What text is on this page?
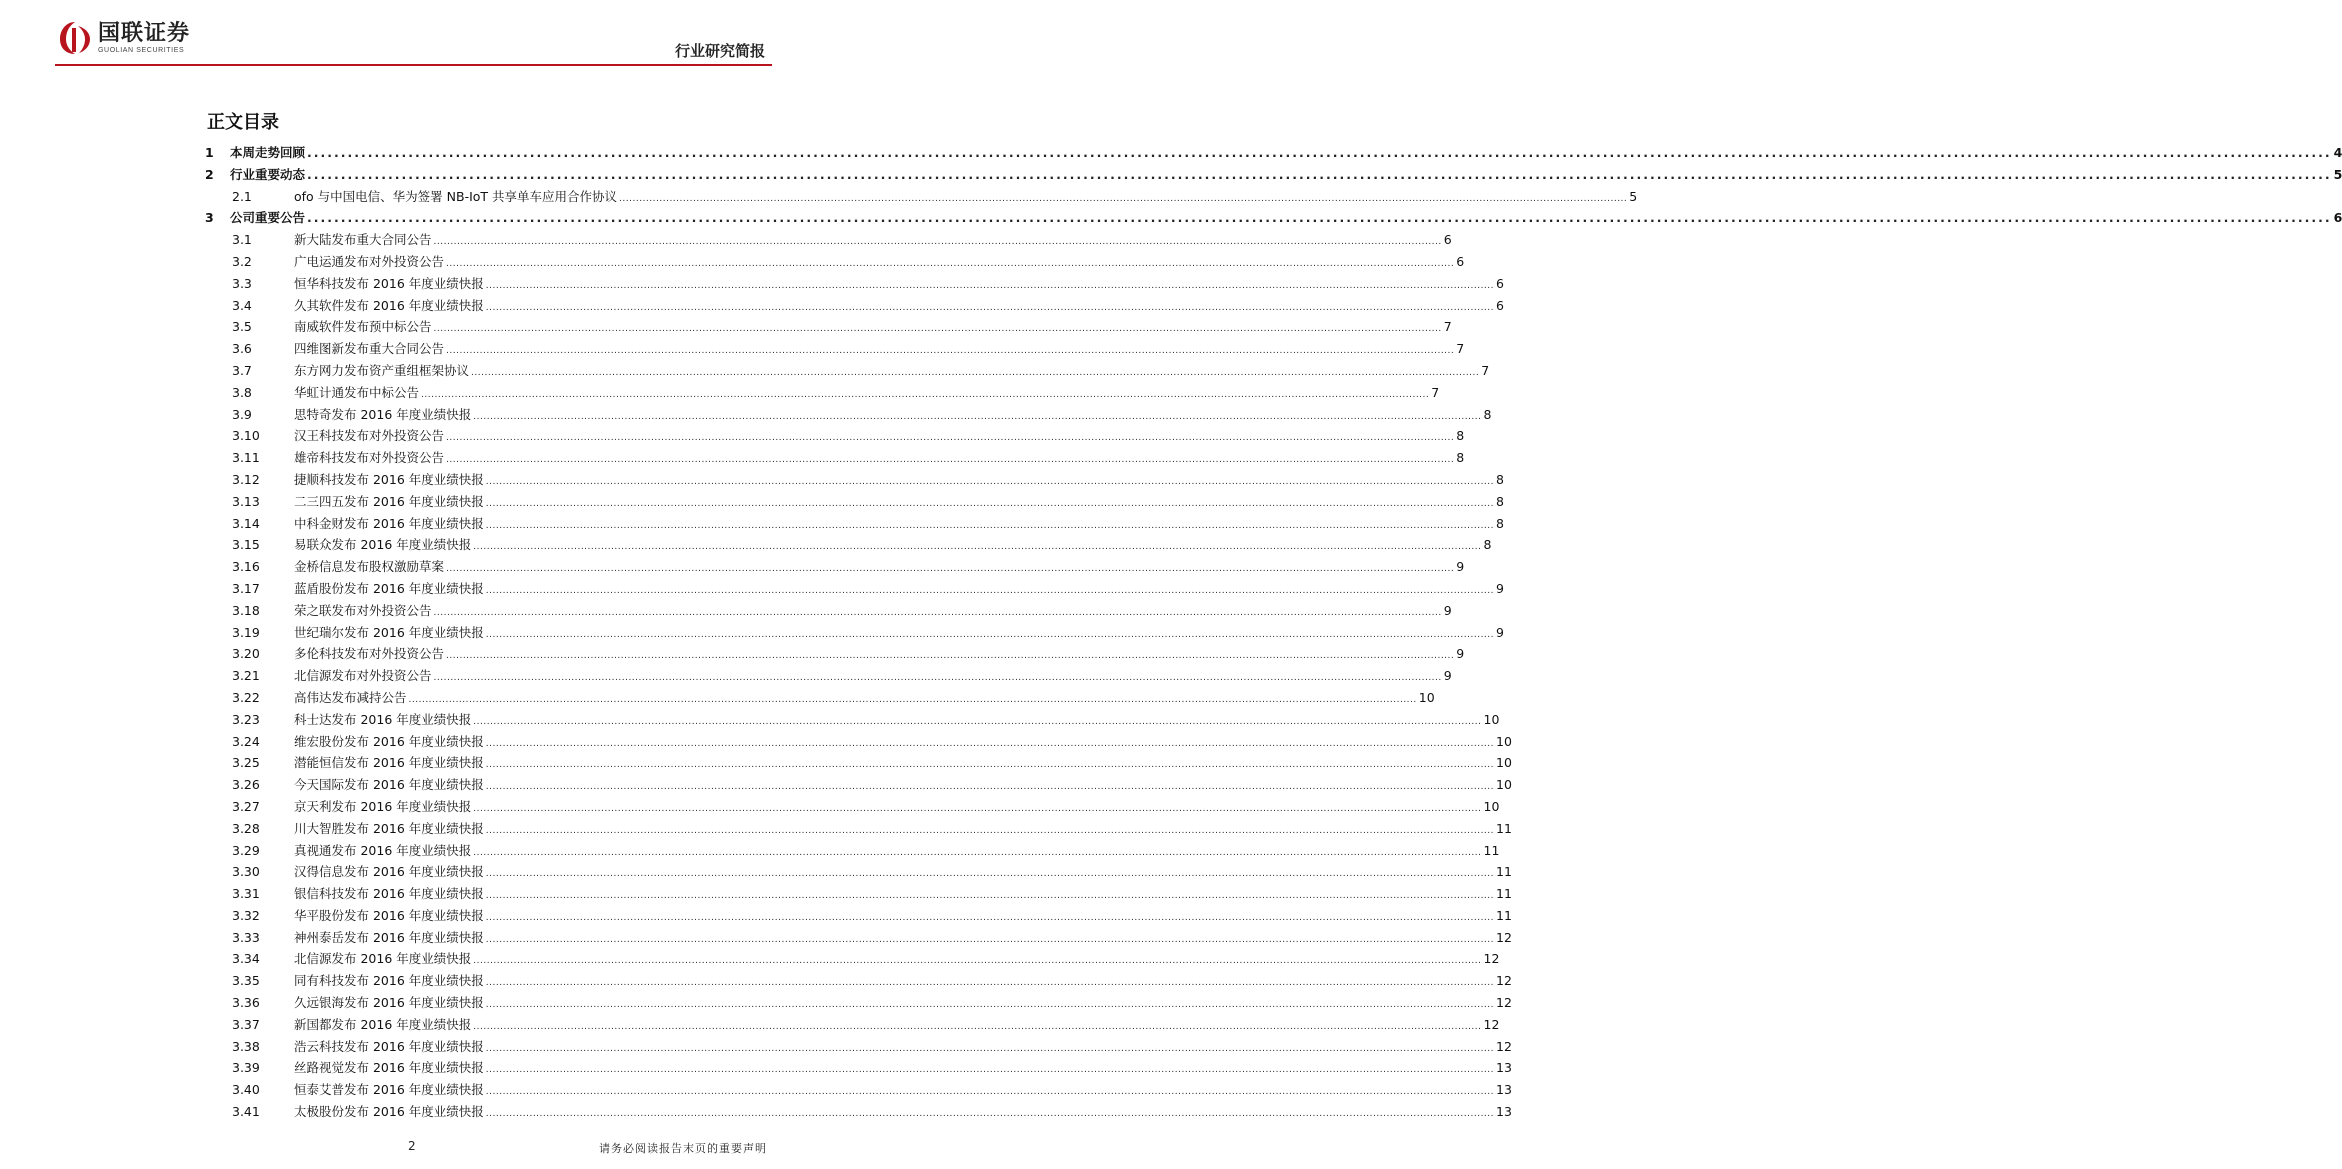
国联证券
GUOLIAN SECURITIES	行业研究简报
正文目录
1	本周走势回顾 ............................................................................................................................................................................................................................................................................................................ 4
2	行业重要动态 ............................................................................................................................................................................................................................................................................................................ 5
2.1	ofo 与中国电信、华为签署 NB-IoT 共享单车应用合作协议 ............................................................................................................................................................................................................................................................................................................ 5
3	公司重要公告 ............................................................................................................................................................................................................................................................................................................ 6
3.1	新大陆发布重大合同公告 ............................................................................................................................................................................................................................................................................................................ 6
3.2	广电运通发布对外投资公告 ............................................................................................................................................................................................................................................................................................................ 6
3.3	恒华科技发布 2016 年度业绩快报 ............................................................................................................................................................................................................................................................................................................ 6
3.4	久其软件发布 2016 年度业绩快报 ............................................................................................................................................................................................................................................................................................................ 6
3.5	南威软件发布预中标公告 ............................................................................................................................................................................................................................................................................................................ 7
3.6	四维图新发布重大合同公告 ............................................................................................................................................................................................................................................................................................................ 7
3.7	东方网力发布资产重组框架协议 ............................................................................................................................................................................................................................................................................................................ 7
3.8	华虹计通发布中标公告 ............................................................................................................................................................................................................................................................................................................ 7
3.9	思特奇发布 2016 年度业绩快报 ............................................................................................................................................................................................................................................................................................................ 8
3.10	汉王科技发布对外投资公告 ............................................................................................................................................................................................................................................................................................................ 8
3.11	雄帝科技发布对外投资公告 ............................................................................................................................................................................................................................................................................................................ 8
3.12	捷顺科技发布 2016 年度业绩快报 ............................................................................................................................................................................................................................................................................................................ 8
3.13	二三四五发布 2016 年度业绩快报 ............................................................................................................................................................................................................................................................................................................ 8
3.14	中科金财发布 2016 年度业绩快报 ............................................................................................................................................................................................................................................................................................................ 8
3.15	易联众发布 2016 年度业绩快报 ............................................................................................................................................................................................................................................................................................................ 8
3.16	金桥信息发布股权激励草案 ............................................................................................................................................................................................................................................................................................................ 9
3.17	蓝盾股份发布 2016 年度业绩快报 ............................................................................................................................................................................................................................................................................................................ 9
3.18	荣之联发布对外投资公告 ............................................................................................................................................................................................................................................................................................................ 9
3.19	世纪瑞尔发布 2016 年度业绩快报 ............................................................................................................................................................................................................................................................................................................ 9
3.20	多伦科技发布对外投资公告 ............................................................................................................................................................................................................................................................................................................ 9
3.21	北信源发布对外投资公告 ............................................................................................................................................................................................................................................................................................................ 9
3.22	高伟达发布减持公告 ............................................................................................................................................................................................................................................................................................................ 10
3.23	科士达发布 2016 年度业绩快报 ............................................................................................................................................................................................................................................................................................................ 10
3.24	维宏股份发布 2016 年度业绩快报 ............................................................................................................................................................................................................................................................................................................ 10
3.25	潜能恒信发布 2016 年度业绩快报 ............................................................................................................................................................................................................................................................................................................ 10
3.26	今天国际发布 2016 年度业绩快报 ............................................................................................................................................................................................................................................................................................................ 10
3.27	京天利发布 2016 年度业绩快报 ............................................................................................................................................................................................................................................................................................................ 10
3.28	川大智胜发布 2016 年度业绩快报 ............................................................................................................................................................................................................................................................................................................ 11
3.29	真视通发布 2016 年度业绩快报 ............................................................................................................................................................................................................................................................................................................ 11
3.30	汉得信息发布 2016 年度业绩快报 ............................................................................................................................................................................................................................................................................................................ 11
3.31	银信科技发布 2016 年度业绩快报 ............................................................................................................................................................................................................................................................................................................ 11
3.32	华平股份发布 2016 年度业绩快报 ............................................................................................................................................................................................................................................................................................................ 11
3.33	神州泰岳发布 2016 年度业绩快报 ............................................................................................................................................................................................................................................................................................................ 12
3.34	北信源发布 2016 年度业绩快报 ............................................................................................................................................................................................................................................................................................................ 12
3.35	同有科技发布 2016 年度业绩快报 ............................................................................................................................................................................................................................................................................................................ 12
3.36	久远银海发布 2016 年度业绩快报 ............................................................................................................................................................................................................................................................................................................ 12
3.37	新国都发布 2016 年度业绩快报 ............................................................................................................................................................................................................................................................................................................ 12
3.38	浩云科技发布 2016 年度业绩快报 ............................................................................................................................................................................................................................................................................................................ 12
3.39	丝路视觉发布 2016 年度业绩快报 ............................................................................................................................................................................................................................................................................................................ 13
3.40	恒泰艾普发布 2016 年度业绩快报 ............................................................................................................................................................................................................................................................................................................ 13
3.41	太极股份发布 2016 年度业绩快报 ............................................................................................................................................................................................................................................................................................................ 13
2	请务必阅读报告末页的重要声明
